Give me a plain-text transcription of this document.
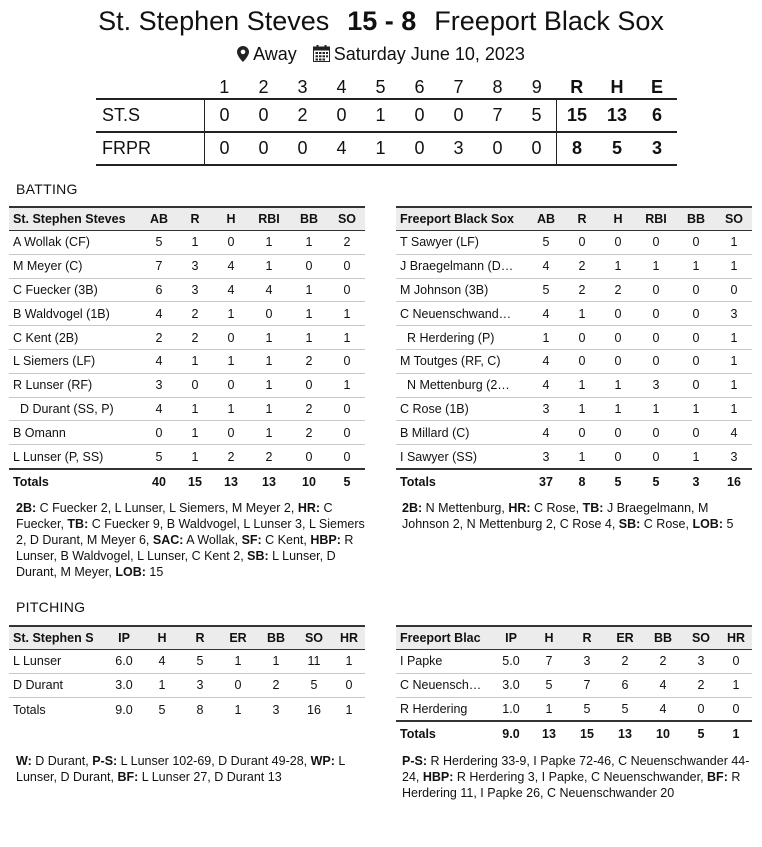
St. Stephen Steves 15 - 8 Freeport Black Sox
Away Saturday June 10, 2023
	1	2	3	4	5	6	7	8	9	R	H	E
ST.S	0	0	2	0	1	0	0	7	5	15	13	6
FRPR	0	0	0	4	1	0	3	0	0	8	5	3
BATTING
St. Stephen Steves	AB	R	H	RBI	BB	SO
A Wollak (CF)	5	1	0	1	1	2
M Meyer (C)	7	3	4	1	0	0
C Fuecker (3B)	6	3	4	4	1	0
B Waldvogel (1B)	4	2	1	0	1	1
C Kent (2B)	2	2	0	1	1	1
L Siemers (LF)	4	1	1	1	2	0
R Lunser (RF)	3	0	0	1	0	1
D Durant (SS, P)	4	1	1	1	2	0
B Omann	0	1	0	1	2	0
L Lunser (P, SS)	5	1	2	2	0	0
Totals	40	15	13	13	10	5
Freeport Black Sox	AB	R	H	RBI	BB	SO
T Sawyer (LF)	5	0	0	0	0	1
J Braegelmann (D…	4	2	1	1	1	1
M Johnson (3B)	5	2	2	0	0	0
C Neuenschwand…	4	1	0	0	0	3
R Herdering (P)	1	0	0	0	0	1
M Toutges (RF, C)	4	0	0	0	0	1
N Mettenburg (2…	4	1	1	3	0	1
C Rose (1B)	3	1	1	1	1	1
B Millard (C)	4	0	0	0	0	4
I Sawyer (SS)	3	1	0	0	1	3
Totals	37	8	5	5	3	16
2B: C Fuecker 2, L Lunser, L Siemers, M Meyer 2, HR: C Fuecker, TB: C Fuecker 9, B Waldvogel, L Lunser 3, L Siemers 2, D Durant, M Meyer 6, SAC: A Wollak, SF: C Kent, HBP: R Lunser, B Waldvogel, L Lunser, C Kent 2, SB: L Lunser, D Durant, M Meyer, LOB: 15
2B: N Mettenburg, HR: C Rose, TB: J Braegelmann, M Johnson 2, N Mettenburg 2, C Rose 4, SB: C Rose, LOB: 5
PITCHING
St. Stephen S	IP	H	R	ER	BB	SO	HR
L Lunser	6.0	4	5	1	1	11	1
D Durant	3.0	1	3	0	2	5	0
Totals	9.0	5	8	1	3	16	1
Freeport Blac	IP	H	R	ER	BB	SO	HR
I Papke	5.0	7	3	2	2	3	0
C Neuensch…	3.0	5	7	6	4	2	1
R Herdering	1.0	1	5	5	4	0	0
Totals	9.0	13	15	13	10	5	1
W: D Durant, P-S: L Lunser 102-69, D Durant 49-28, WP: L Lunser, D Durant, BF: L Lunser 27, D Durant 13
P-S: R Herdering 33-9, I Papke 72-46, C Neuenschwander 44-24, HBP: R Herdering 3, I Papke, C Neuenschwander, BF: R Herdering 11, I Papke 26, C Neuenschwander 20
